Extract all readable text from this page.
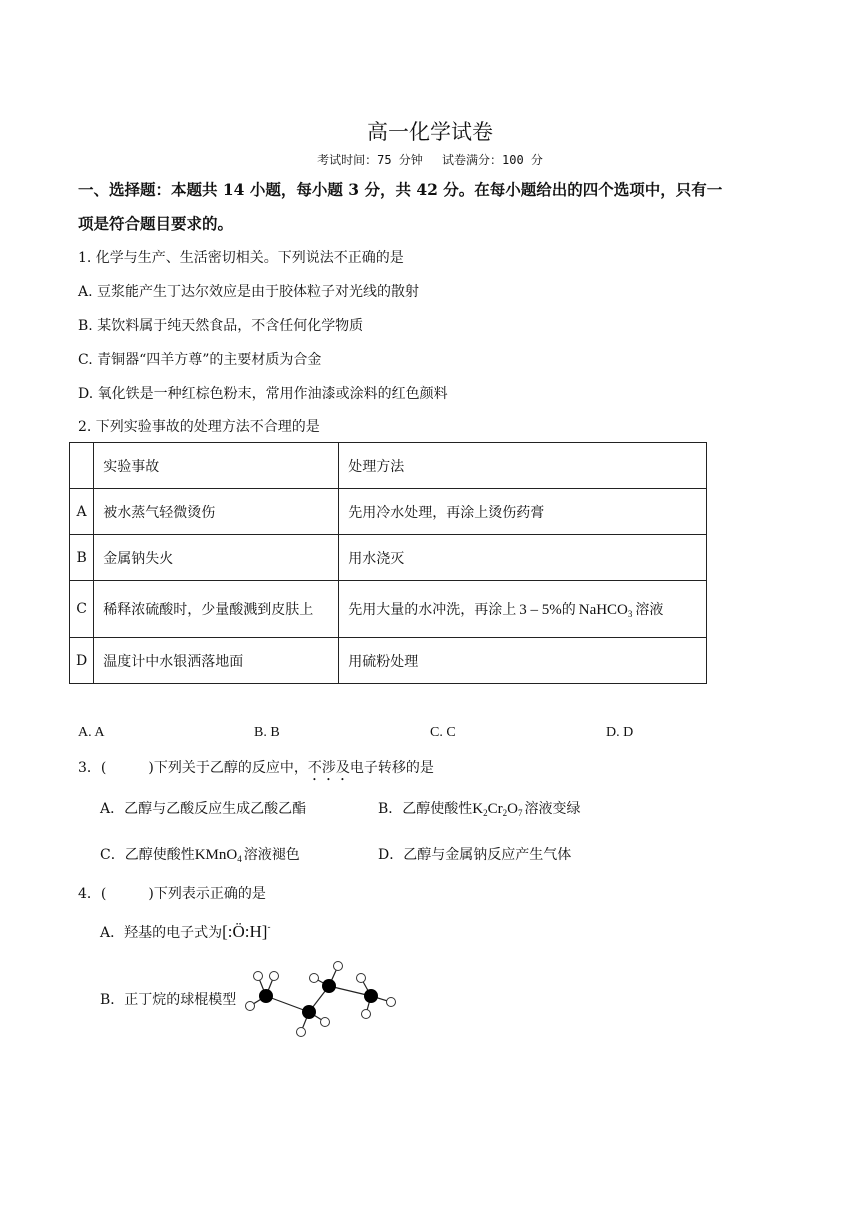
高一化学试卷
考试时间：75 分钟　 试卷满分：100 分
一、选择题：本题共 14 小题，每小题 3 分，共 42 分。在每小题给出的四个选项中，只有一
项是符合题目要求的。
1. 化学与生产、生活密切相关。下列说法不正确的是
A. 豆浆能产生丁达尔效应是由于胶体粒子对光线的散射
B. 某饮料属于纯天然食品，不含任何化学物质
C. 青铜器“四羊方尊”的主要材质为合金
D. 氧化铁是一种红棕色粉末，常用作油漆或涂料的红色颜料
2. 下列实验事故的处理方法不合理的是
	实验事故	处理方法
A	被水蒸气轻微烫伤	先用冷水处理，再涂上烫伤药膏
B	金属钠失火	用水浇灭
C	稀释浓硫酸时，少量酸溅到皮肤上	先用大量的水冲洗，再涂上 3 – 5%的 NaHCO$_3$ 溶液
D	温度计中水银洒落地面	用硫粉处理
A. A	B. B	C. C	D. D
3．(　　　)下列关于乙醇的反应中，不涉及电子转移的是
A．乙醇与乙酸反应生成乙酸乙酯	B．乙醇使酸性$K_2Cr_2O_7$ 溶液变绿
C．乙醇使酸性KMnO$_4$ 溶液褪色	D．乙醇与金属钠反应产生气体
4．(　　　)下列表示正确的是
A．羟基的电子式为[:Ö:H]-
B．正丁烷的球棍模型
